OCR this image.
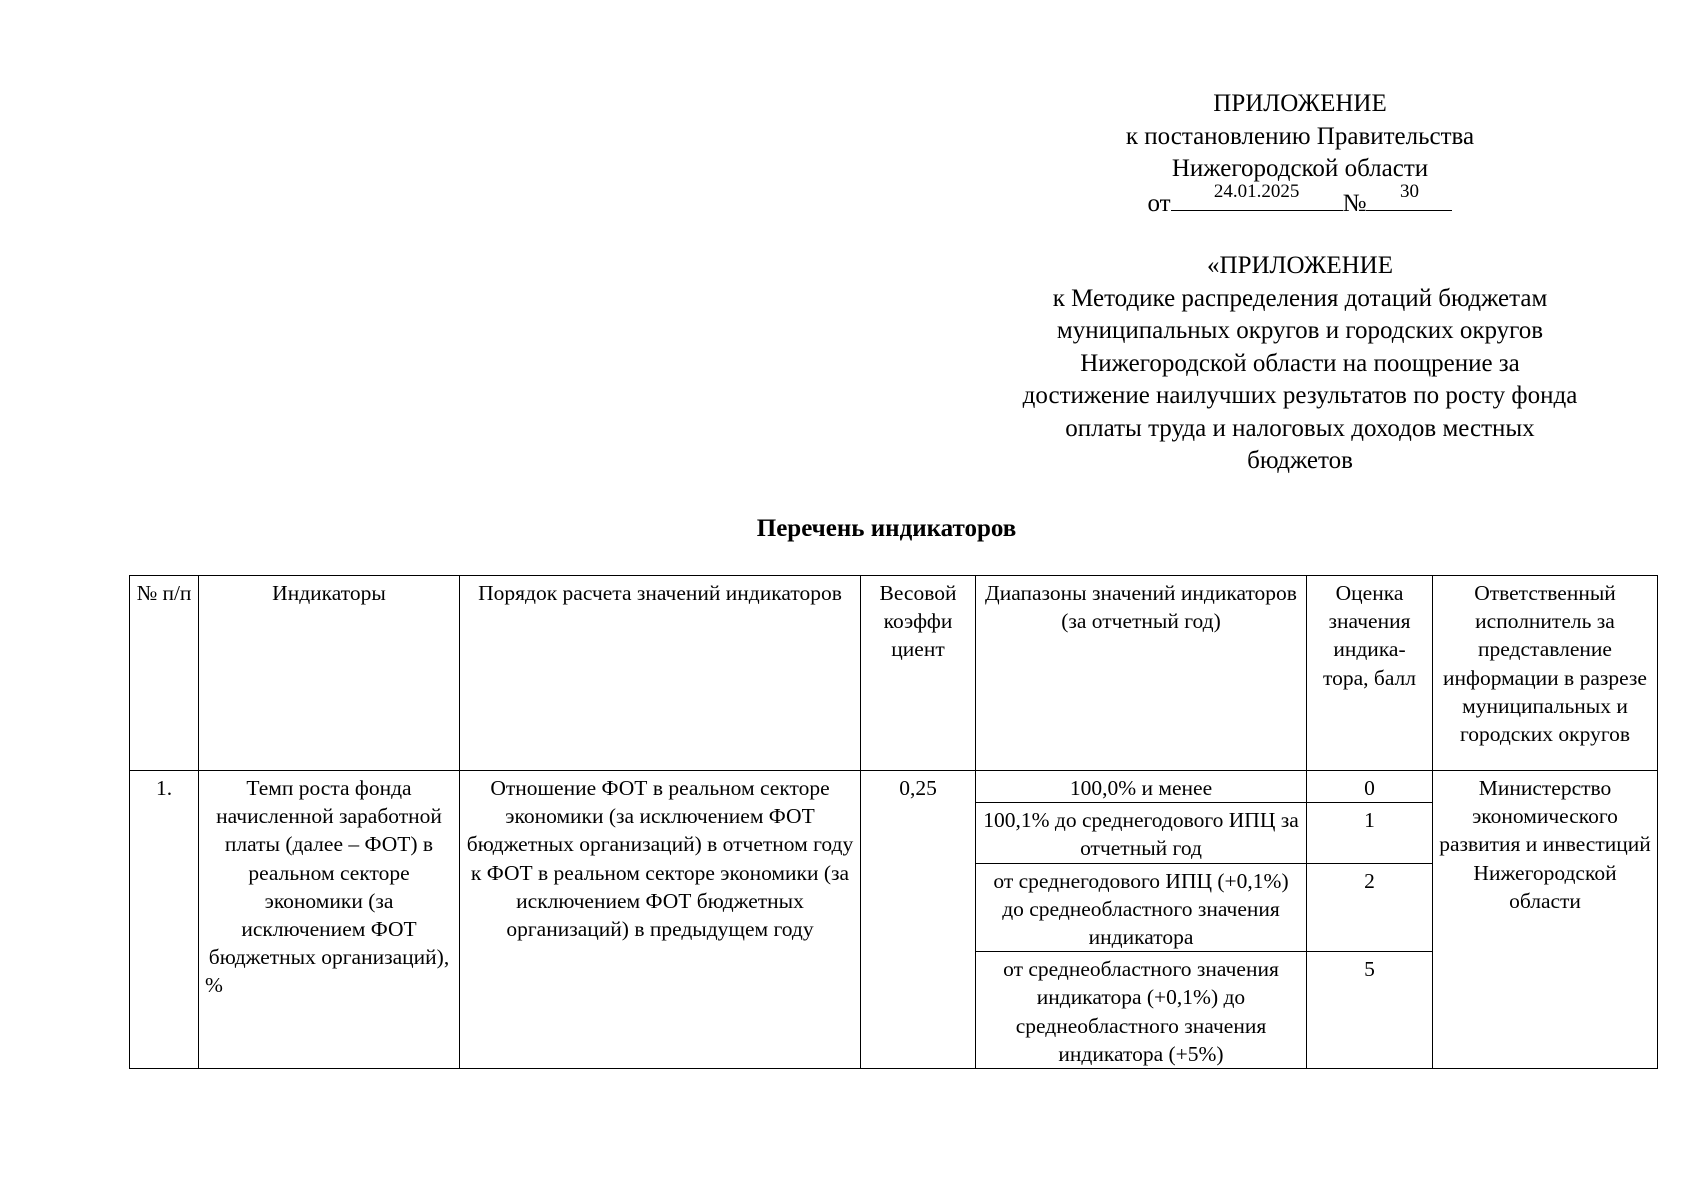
ПРИЛОЖЕНИЕ
к постановлению Правительства
Нижегородской области
от	24.01.2025	№	30
«ПРИЛОЖЕНИЕ
к Методике распределения дотаций бюджетам
муниципальных округов и городских округов
Нижегородской области на поощрение за
достижение наилучших результатов по росту фонда
оплаты труда и налоговых доходов местных
бюджетов
Перечень индикаторов
№ п/п	Индикаторы	Порядок расчета значений индикаторов	Весовой коэффи циент	Диапазоны значений индикаторов (за отчетный год)	Оценка значения индика-тора, балл	Ответственный исполнитель за представление информации в разрезе муниципальных и городских округов
1.	Темп роста фонда начисленной заработной платы (далее – ФОТ) в реальном секторе экономики (за исключением ФОТ бюджетных организаций), %	Отношение ФОТ в реальном секторе экономики (за исключением ФОТ бюджетных организаций) в отчетном году к ФОТ в реальном секторе экономики (за исключением ФОТ бюджетных организаций) в предыдущем году	0,25	100,0% и менее	0	Министерство экономического развития и инвестиций Нижегородской области
				100,1% до среднегодового ИПЦ за отчетный год	1	
				от среднегодового ИПЦ (+0,1%) до среднеобластного значения индикатора	2	
				от среднеобластного значения индикатора (+0,1%) до среднеобластного значения индикатора (+5%)	5	
